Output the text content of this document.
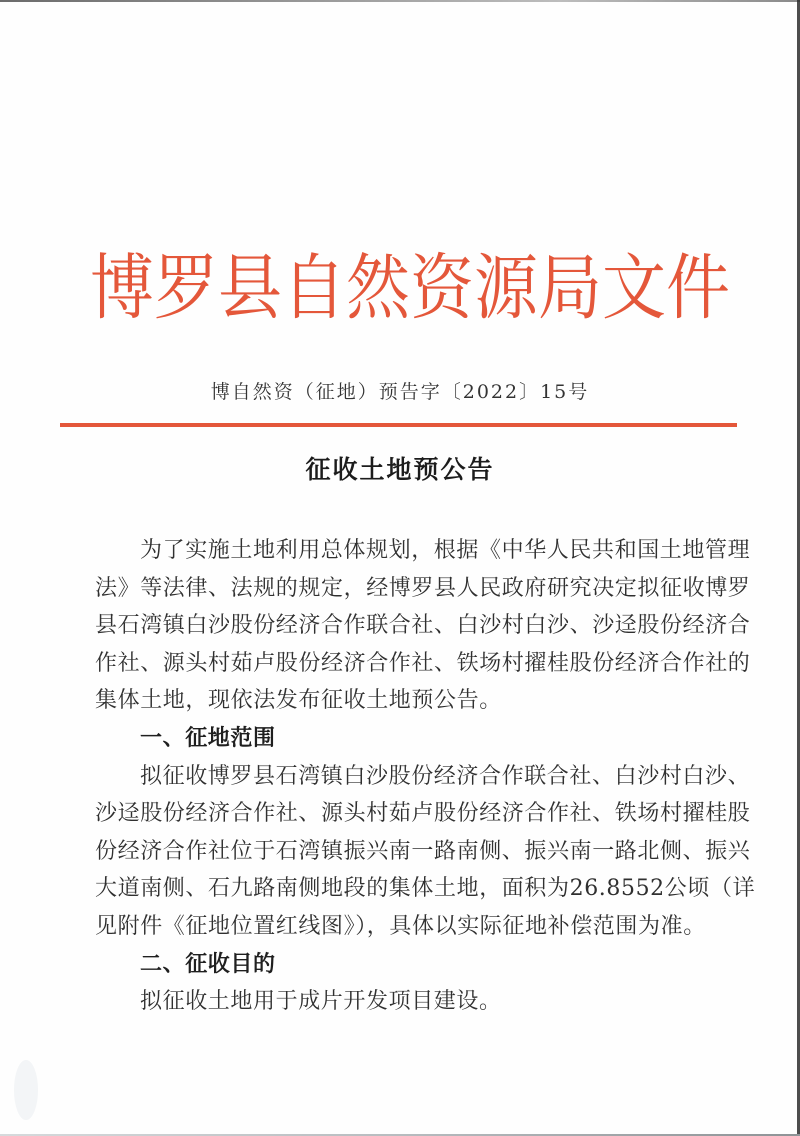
博 罗 县 自 然 资 源 局 文 件
博自然资（征地）预告字〔2022〕15号
征收土地预公告
为了实施土地利用总体规划，根据《中华人民共和国土地管理
法》等法律、法规的规定，经博罗县人民政府研究决定拟征收博罗
县石湾镇白沙股份经济合作联合社、白沙村白沙、沙迳股份经济合
作社、源头村茹卢股份经济合作社、铁场村擢桂股份经济合作社的
集体土地，现依法发布征收土地预公告。
一、征地范围
拟征收博罗县石湾镇白沙股份经济合作联合社、白沙村白沙、
沙迳股份经济合作社、源头村茹卢股份经济合作社、铁场村擢桂股
份经济合作社位于石湾镇振兴南一路南侧、振兴南一路北侧、振兴
大道南侧、石九路南侧地段的集体土地，面积为26.8552公顷（详
见附件《征地位置红线图》），具体以实际征地补偿范围为准。
二、征收目的
拟征收土地用于成片开发项目建设。
